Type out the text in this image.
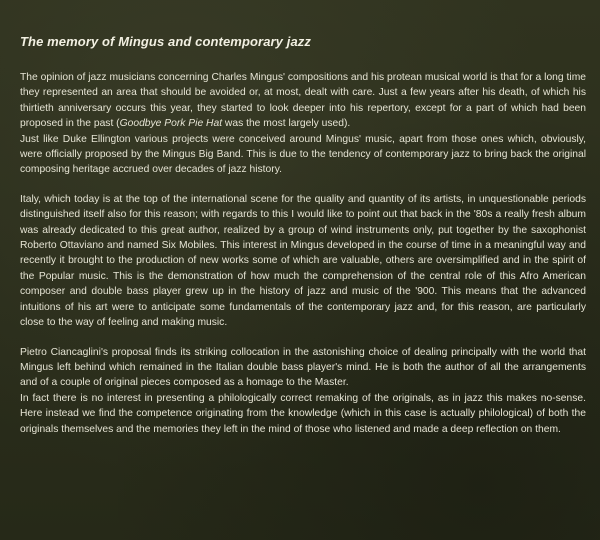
The memory of Mingus and contemporary jazz

The opinion of jazz musicians concerning Charles Mingus' compositions and his protean musical world is that for a long time they represented an area that should be avoided or, at most, dealt with care. Just a few years after his death, of which his thirtieth anniversary occurs this year, they started to look deeper into his repertory, except for a part of which had been proposed in the past (Goodbye Pork Pie Hat was the most largely used).

Just like Duke Ellington various projects were conceived around Mingus' music, apart from those ones which, obviously, were officially proposed by the Mingus Big Band. This is due to the tendency of contemporary jazz to bring back the original composing heritage accrued over decades of jazz history.

Italy, which today is at the top of the international scene for the quality and quantity of its artists, in unquestionable periods distinguished itself also for this reason; with regards to this I would like to point out that back in the '80s a really fresh album was already dedicated to this great author, realized by a group of wind instruments only, put together by the saxophonist Roberto Ottaviano and named Six Mobiles. This interest in Mingus developed in the course of time in a meaningful way and recently it brought to the production of new works some of which are valuable, others are oversimplified and in the spirit of the Popular music. This is the demonstration of how much the comprehension of the central role of this Afro American composer and double bass player grew up in the history of jazz and music of the '900. This means that the advanced intuitions of his art were to anticipate some fundamentals of the contemporary jazz and, for this reason, are particularly close to the way of feeling and making music.

Pietro Ciancaglini's proposal finds its striking collocation in the astonishing choice of dealing principally with the world that Mingus left behind which remained in the Italian double bass player's mind. He is both the author of all the arrangements and of a couple of original pieces composed as a homage to the Master.

In fact there is no interest in presenting a philologically correct remaking of the originals, as in jazz this makes no-sense. Here instead we find the competence originating from the knowledge (which in this case is actually philological) of both the originals themselves and the memories they left in the mind of those who listened and made a deep reflection on them.
